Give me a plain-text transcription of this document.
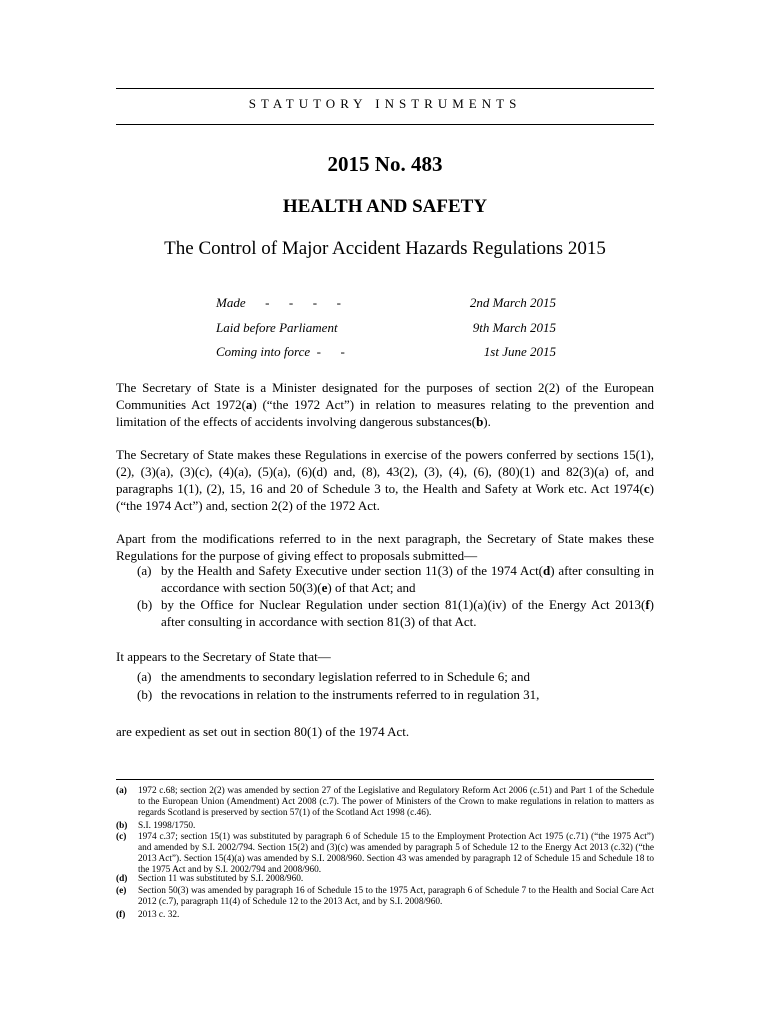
STATUTORY INSTRUMENTS
2015 No. 483
HEALTH AND SAFETY
The Control of Major Accident Hazards Regulations 2015
Made      -      -      -      -	2nd March 2015
Laid before Parliament	9th March 2015
Coming into force  -      -	1st June 2015
The Secretary of State is a Minister designated for the purposes of section 2(2) of the European Communities Act 1972(a) (“the 1972 Act”) in relation to measures relating to the prevention and limitation of the effects of accidents involving dangerous substances(b).
The Secretary of State makes these Regulations in exercise of the powers conferred by sections 15(1), (2), (3)(a), (3)(c), (4)(a), (5)(a), (6)(d) and, (8), 43(2), (3), (4), (6), (80)(1) and 82(3)(a) of, and paragraphs 1(1), (2), 15, 16 and 20 of Schedule 3 to, the Health and Safety at Work etc. Act 1974(c) (“the 1974 Act”) and, section 2(2) of the 1972 Act.
Apart from the modifications referred to in the next paragraph, the Secretary of State makes these Regulations for the purpose of giving effect to proposals submitted—
(a) by the Health and Safety Executive under section 11(3) of the 1974 Act(d) after consulting in accordance with section 50(3)(e) of that Act; and
(b) by the Office for Nuclear Regulation under section 81(1)(a)(iv) of the Energy Act 2013(f) after consulting in accordance with section 81(3) of that Act.
It appears to the Secretary of State that—
(a) the amendments to secondary legislation referred to in Schedule 6; and
(b) the revocations in relation to the instruments referred to in regulation 31,
are expedient as set out in section 80(1) of the 1974 Act.
(a) 1972 c.68; section 2(2) was amended by section 27 of the Legislative and Regulatory Reform Act 2006 (c.51) and Part 1 of the Schedule to the European Union (Amendment) Act 2008 (c.7). The power of Ministers of the Crown to make regulations in relation to matters as regards Scotland is preserved by section 57(1) of the Scotland Act 1998 (c.46).
(b) S.I. 1998/1750.
(c) 1974 c.37; section 15(1) was substituted by paragraph 6 of Schedule 15 to the Employment Protection Act 1975 (c.71) (“the 1975 Act”) and amended by S.I. 2002/794. Section 15(2) and (3)(c) was amended by paragraph 5 of Schedule 12 to the Energy Act 2013 (c.32) (“the 2013 Act”). Section 15(4)(a) was amended by S.I. 2008/960. Section 43 was amended by paragraph 12 of Schedule 15 and Schedule 18 to the 1975 Act and by S.I. 2002/794 and 2008/960.
(d) Section 11 was substituted by S.I. 2008/960.
(e) Section 50(3) was amended by paragraph 16 of Schedule 15 to the 1975 Act, paragraph 6 of Schedule 7 to the Health and Social Care Act 2012 (c.7), paragraph 11(4) of Schedule 12 to the 2013 Act, and by S.I. 2008/960.
(f) 2013 c. 32.
